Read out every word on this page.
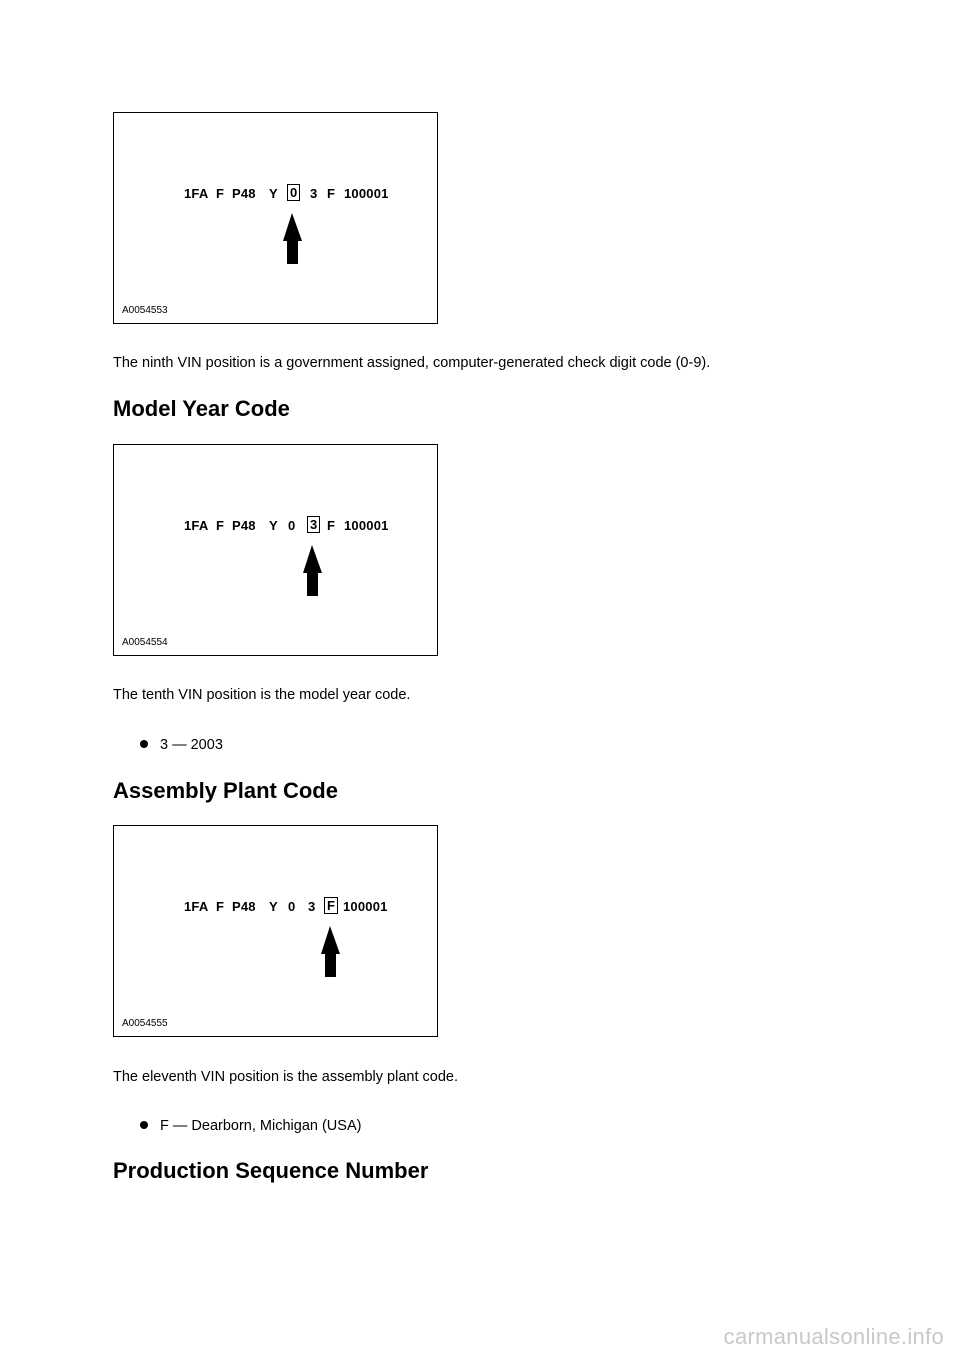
1FA F P48 Y 0 3 F 100001
A0054553

The ninth VIN position is a government assigned, computer-generated check digit code (0-9).

Model Year Code
1FA F P48 Y 0 3 F 100001
A0054554

The tenth VIN position is the model year code.

3 — 2003
Assembly Plant Code
1FA F P48 Y 0 3 F 100001
A0054555

The eleventh VIN position is the assembly plant code.

F — Dearborn, Michigan (USA)
Production Sequence Number
carmanualsonline.info
